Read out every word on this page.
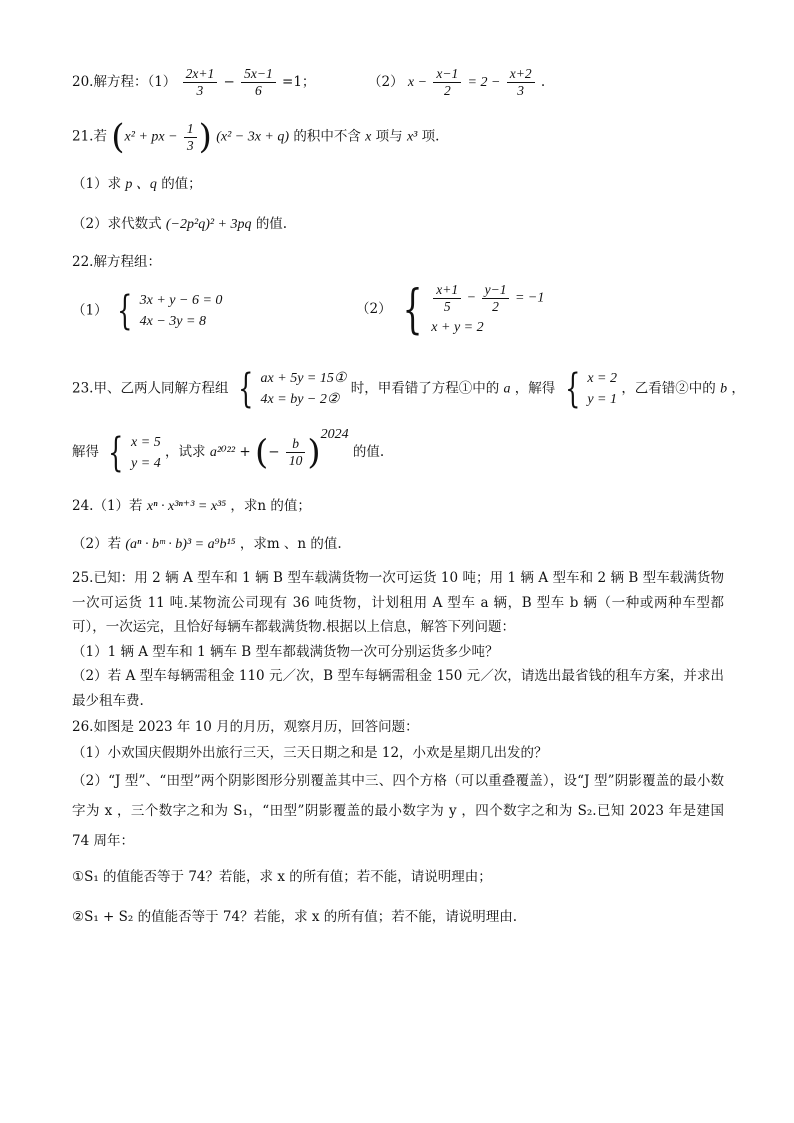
20.解方程：$(1) \frac{2x+1}{3} - \frac{5x-1}{6} =1$；	（2） $x - \frac{x-1}{2} = 2 - \frac{x+2}{3}$ .
21.若 (x² + px − $\frac{1}{3}$ ) (x² − 3x + q) 的积中不含 x 项与 x³ 项.
（1）求 p 、q 的值；
（2）求代数式 (−2p²q)² + 3pq 的值.
22.解方程组：
（1） { 3x + y − 6 = 0
4x − 3y = 8
（2） { $\frac{x+1}{5} - \frac{y-1}{2} = -1$
x + y = 2
23.甲、乙两人同解方程组 { ax + 5y = 15①
4x = by − 2②
时，甲看错了方程①中的 a ，解得 { x = 2
y = 1
，乙看错②中的 b ，
解得 { x = 5
y = 4
，试求 a²⁰²² + (− $\frac{b}{10} )^{2024}$ 的值.
24.（1）若 xⁿ · x³ⁿ⁺³ = x³⁵ ，求n 的值；
（2）若 (aⁿ · bᵐ · b)³ = a⁹b¹⁵ ，求m 、n 的值.
25.已知：用 2 辆 A 型车和 1 辆 B 型车载满货物一次可运货 10 吨；用 1 辆 A 型车和 2 辆 B 型车载满货物一次可运货 11 吨.某物流公司现有 36 吨货物，计划租用 A 型车 a 辆，B 型车 b 辆（一种或两种车型都可），一次运完，且恰好每辆车都载满货物.根据以上信息，解答下列问题：
（1）1 辆 A 型车和 1 辆车 B 型车都载满货物一次可分别运货多少吨？
（2）若 A 型车每辆需租金 110 元／次，B 型车每辆需租金 150 元／次，请选出最省钱的租车方案，并求出最少租车费.
26.如图是 2023 年 10 月的月历，观察月历，回答问题：
（1）小欢国庆假期外出旅行三天，三天日期之和是 12，小欢是星期几出发的？
（2）“J 型”、“田型”两个阴影图形分别覆盖其中三、四个方格（可以重叠覆盖），设“J 型”阴影覆盖的最小数字为 x ，三个数字之和为 S₁，“田型”阴影覆盖的最小数字为 y ，四个数字之和为 S₂.已知 2023 年是建国 74 周年：
①S₁ 的值能否等于 74？若能，求 x 的所有值；若不能，请说明理由；
②S₁ + S₂ 的值能否等于 74？若能，求 x 的所有值；若不能，请说明理由.
